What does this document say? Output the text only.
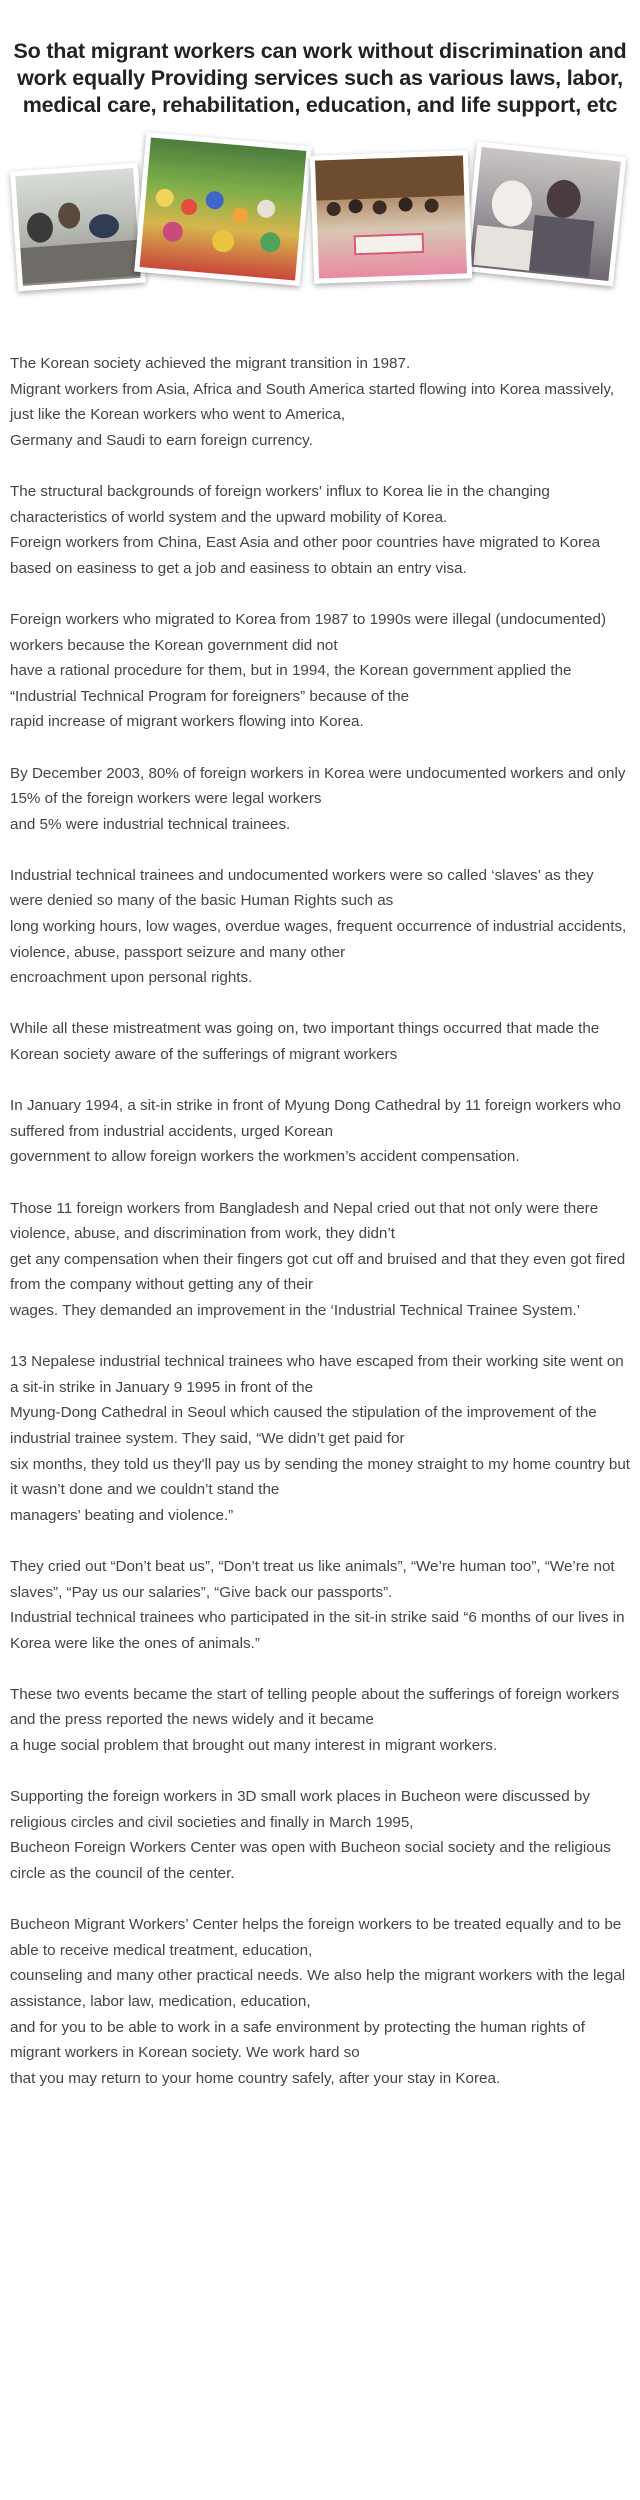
So that migrant workers can work without discrimination and
work equally Providing services such as various laws, labor,
medical care, rehabilitation, education, and life support, etc

The Korean society achieved the migrant transition in 1987.
Migrant workers from Asia, Africa and South America started flowing into Korea massively, just like the Korean workers who went to America,
Germany and Saudi to earn foreign currency.

The structural backgrounds of foreign workers' influx to Korea lie in the changing characteristics of world system and the upward mobility of Korea.
Foreign workers from China, East Asia and other poor countries have migrated to Korea based on easiness to get a job and easiness to obtain an entry visa.

Foreign workers who migrated to Korea from 1987 to 1990s were illegal (undocumented) workers because the Korean government did not
have a rational procedure for them, but in 1994, the Korean government applied the “Industrial Technical Program for foreigners” because of the
rapid increase of migrant workers flowing into Korea.

By December 2003, 80% of foreign workers in Korea were undocumented workers and only 15% of the foreign workers were legal workers
and 5% were industrial technical trainees.

Industrial technical trainees and undocumented workers were so called ‘slaves’ as they were denied so many of the basic Human Rights such as
long working hours, low wages, overdue wages, frequent occurrence of industrial accidents, violence, abuse, passport seizure and many other
encroachment upon personal rights.

While all these mistreatment was going on, two important things occurred that made the Korean society aware of the sufferings of migrant workers

In January 1994, a sit-in strike in front of Myung Dong Cathedral by 11 foreign workers who suffered from industrial accidents, urged Korean
government to allow foreign workers the workmen’s accident compensation.

Those 11 foreign workers from Bangladesh and Nepal cried out that not only were there violence, abuse, and discrimination from work, they didn’t
get any compensation when their fingers got cut off and bruised and that they even got fired from the company without getting any of their
wages. They demanded an improvement in the ‘Industrial Technical Trainee System.’

13 Nepalese industrial technical trainees who have escaped from their working site went on a sit-in strike in January 9 1995 in front of the
Myung-Dong Cathedral in Seoul which caused the stipulation of the improvement of the industrial trainee system. They said, “We didn’t get paid for
six months, they told us they'll pay us by sending the money straight to my home country but it wasn’t done and we couldn’t stand the
managers’ beating and violence.”

They cried out “Don’t beat us”, “Don’t treat us like animals”, “We’re human too”, “We’re not slaves”, “Pay us our salaries”, “Give back our passports”.
Industrial technical trainees who participated in the sit-in strike said “6 months of our lives in Korea were like the ones of animals.”

These two events became the start of telling people about the sufferings of foreign workers and the press reported the news widely and it became
a huge social problem that brought out many interest in migrant workers.

Supporting the foreign workers in 3D small work places in Bucheon were discussed by religious circles and civil societies and finally in March 1995,
Bucheon Foreign Workers Center was open with Bucheon social society and the religious circle as the council of the center.

Bucheon Migrant Workers’ Center helps the foreign workers to be treated equally and to be able to receive medical treatment, education,
counseling and many other practical needs. We also help the migrant workers with the legal assistance, labor law, medication, education,
and for you to be able to work in a safe environment by protecting the human rights of migrant workers in Korean society. We work hard so
that you may return to your home country safely, after your stay in Korea.
